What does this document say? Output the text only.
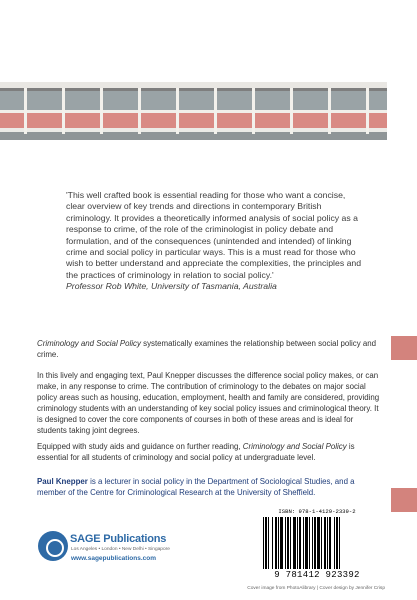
'This well crafted book is essential reading for those who want a concise, clear overview of key trends and directions in contemporary British criminology. It provides a theoretically informed analysis of social policy as a response to crime, of the role of the criminologist in policy debate and formulation, and of the consequences (unintended and intended) of linking crime and social policy in particular ways. This is a must read for those who wish to better understand and appreciate the complexities, the principles and the practices of criminology in relation to social policy.'
Professor Rob White, University of Tasmania, Australia

Criminology and Social Policy systematically examines the relationship between social policy and crime.

In this lively and engaging text, Paul Knepper discusses the difference social policy makes, or can make, in any response to crime. The contribution of criminology to the debates on major social policy areas such as housing, education, employment, health and family are considered, providing criminology students with an understanding of key social policy issues and criminological theory. It is designed to cover the core components of courses in both of these areas and is ideal for students taking joint degrees.

Equipped with study aids and guidance on further reading, Criminology and Social Policy is essential for all students of criminology and social policy at undergraduate level.

Paul Knepper is a lecturer in social policy in the Department of Sociological Studies, and a member of the Centre for Criminological Research at the University of Sheffield.

SAGE Publications
Los Angeles • London • New Delhi • Singapore
www.sagepublications.com
ISBN: 978-1-4129-2339-2
9 781412 923392
Cover image from PhotoAlibrary | Cover design by Jennifer Crisp
